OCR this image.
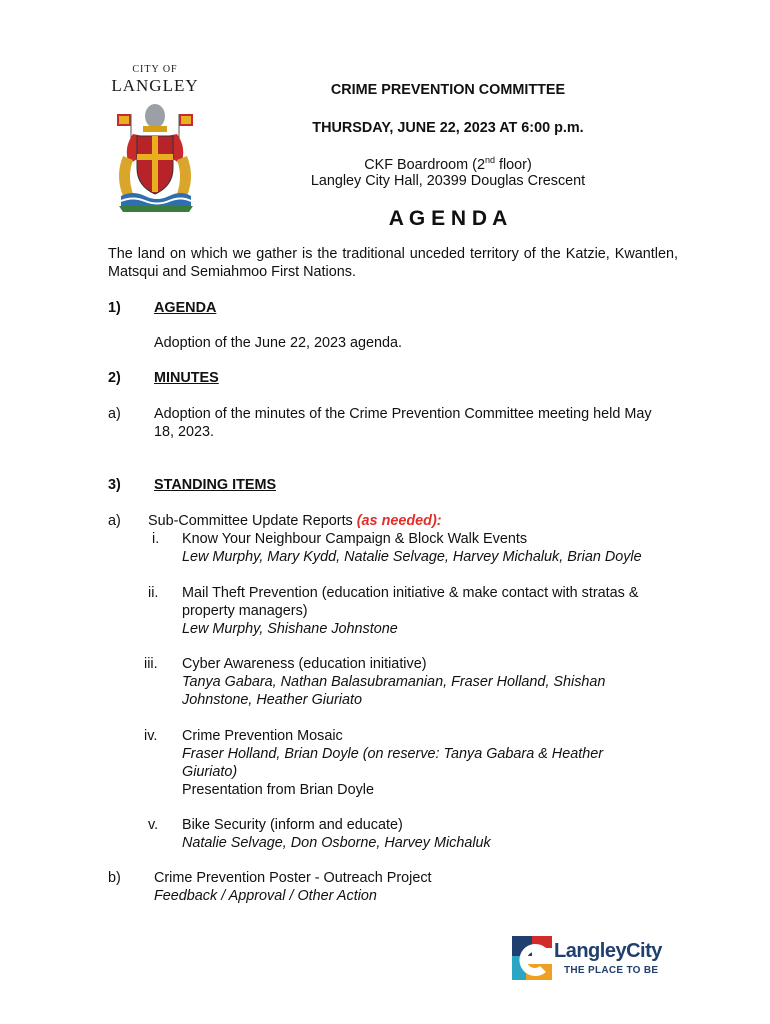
CITY OF
LANGLEY	CRIME PREVENTION COMMITTEE
THURSDAY, JUNE 22, 2023 AT 6:00 p.m.
CKF Boardroom (2nd floor)
Langley City Hall, 20399 Douglas Crescent
A G E N D A
The land on which we gather is the traditional unceded territory of the Katzie, Kwantlen, Matsqui and Semiahmoo First Nations.
1) AGENDA
Adoption of the June 22, 2023 agenda.
2) MINUTES
a) Adoption of the minutes of the Crime Prevention Committee meeting held May
18, 2023.
3) STANDING ITEMS
a) Sub-Committee Update Reports (as needed):
i. Know Your Neighbour Campaign & Block Walk Events
Lew Murphy, Mary Kydd, Natalie Selvage, Harvey Michaluk, Brian Doyle
ii. Mail Theft Prevention (education initiative & make contact with stratas &
property managers)
Lew Murphy, Shishane Johnstone
iii. Cyber Awareness (education initiative)
Tanya Gabara, Nathan Balasubramanian, Fraser Holland, Shishan
Johnstone, Heather Giuriato
iv. Crime Prevention Mosaic
Fraser Holland, Brian Doyle (on reserve: Tanya Gabara & Heather
Giuriato)
Presentation from Brian Doyle
v. Bike Security (inform and educate)
Natalie Selvage, Don Osborne, Harvey Michaluk
b) Crime Prevention Poster - Outreach Project
Feedback / Approval / Other Action
LangleyCity
THE PLACE TO BE
